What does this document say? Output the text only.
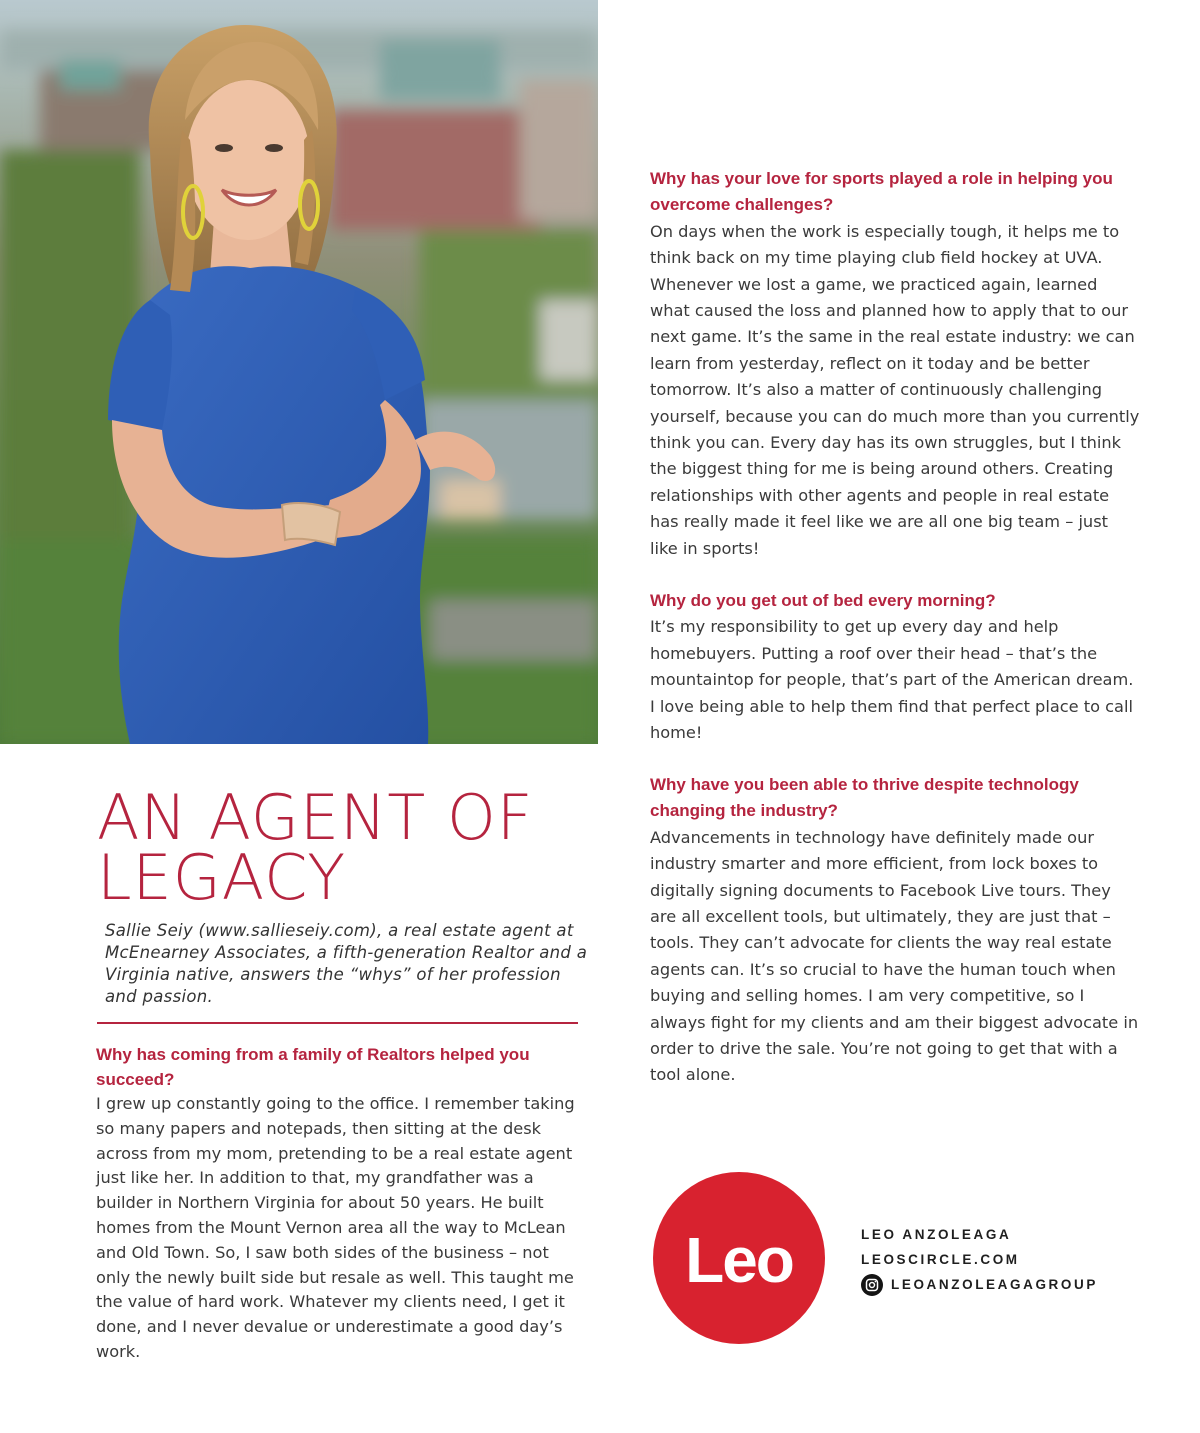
AN AGENT OF
LEGACY

Sallie Seiy (www.sallieseiy.com), a real estate agent at McEnearney Associates, a fifth-generation Realtor and a Virginia native, answers the “whys” of her profession and passion.

Why has coming from a family of Realtors helped you succeed?

I grew up constantly going to the office. I remember taking so many papers and notepads, then sitting at the desk across from my mom, pretending to be a real estate agent just like her. In addition to that, my grandfather was a builder in Northern Virginia for about 50 years. He built homes from the Mount Vernon area all the way to McLean and Old Town. So, I saw both sides of the business – not only the newly built side but resale as well. This taught me the value of hard work. Whatever my clients need, I get it done, and I never devalue or underestimate a good day’s work.

Why has your love for sports played a role in helping you overcome challenges?

On days when the work is especially tough, it helps me to think back on my time playing club field hockey at UVA. Whenever we lost a game, we practiced again, learned what caused the loss and planned how to apply that to our next game. It’s the same in the real estate industry: we can learn from yesterday, reflect on it today and be better tomorrow. It’s also a matter of continuously challenging yourself, because you can do much more than you currently think you can. Every day has its own struggles, but I think the biggest thing for me is being around others. Creating relationships with other agents and people in real estate has really made it feel like we are all one big team – just like in sports!

Why do you get out of bed every morning?

It’s my responsibility to get up every day and help homebuyers. Putting a roof over their head – that’s the mountaintop for people, that’s part of the American dream. I love being able to help them find that perfect place to call home!

Why have you been able to thrive despite technology changing the industry?

Advancements in technology have definitely made our industry smarter and more efficient, from lock boxes to digitally signing documents to Facebook Live tours. They are all excellent tools, but ultimately, they are just that – tools. They can’t advocate for clients the way real estate agents can. It’s so crucial to have the human touch when buying and selling homes. I am very competitive, so I always fight for my clients and am their biggest advocate in order to drive the sale. You’re not going to get that with a tool alone.

Leo	LEO ANZOLEAGA
LEOSCIRCLE.COM
LEOANZOLEAGAGROUP
